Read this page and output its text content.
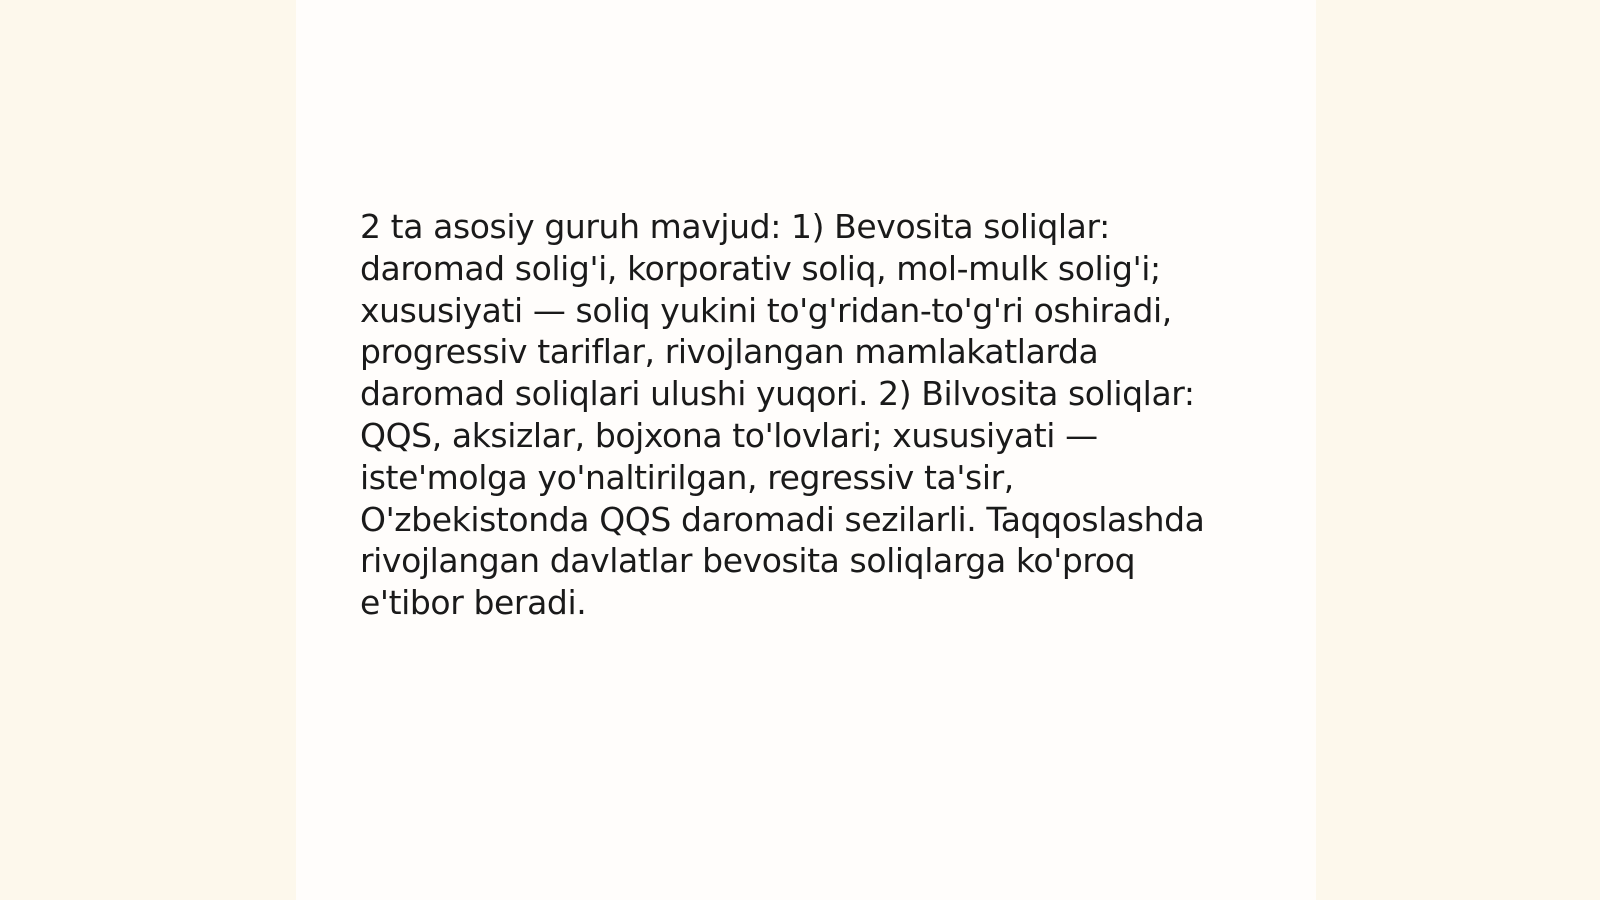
2 ta asosiy guruh mavjud: 1) Bevosita soliqlar:
daromad solig'i, korporativ soliq, mol-mulk solig'i;
xususiyati — soliq yukini to'g'ridan-to'g'ri oshiradi,
progressiv tariflar, rivojlangan mamlakatlarda
daromad soliqlari ulushi yuqori. 2) Bilvosita soliqlar:
QQS, aksizlar, bojxona to'lovlari; xususiyati —
iste'molga yo'naltirilgan, regressiv ta'sir,
O'zbekistonda QQS daromadi sezilarli. Taqqoslashda
rivojlangan davlatlar bevosita soliqlarga ko'proq
e'tibor beradi.
